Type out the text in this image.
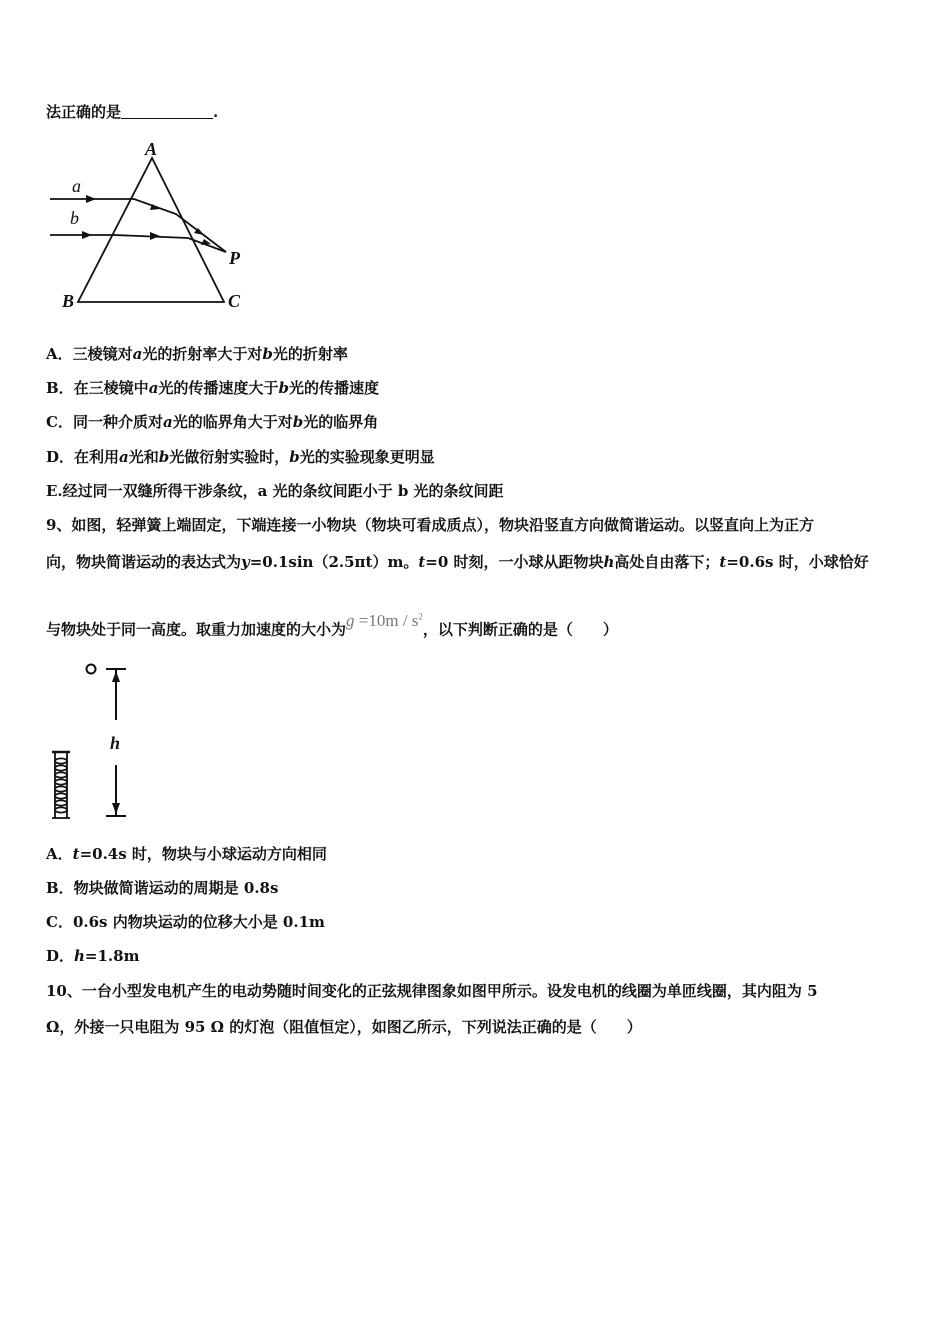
法正确的是	.
A
B	C
P
a
b
A．三棱镜对a光的折射率大于对b光的折射率
B．在三棱镜中a光的传播速度大于b光的传播速度
C．同一种介质对a光的临界角大于对b光的临界角
D．在利用a光和b光做衍射实验时，b光的实验现象更明显
E.经过同一双缝所得干涉条纹，a 光的条纹间距小于 b 光的条纹间距
9、如图，轻弹簧上端固定，下端连接一小物块（物块可看成质点），物块沿竖直方向做简谐运动。以竖直向上为正方
向，物块简谐运动的表达式为y=0.1sin（2.5πt）m。t=0 时刻，一小球从距物块h高处自由落下；t=0.6s 时，小球恰好
与物块处于同一高度。取重力加速度的大小为$g =10m / s^2$，以下判断正确的是（　　）
h
A．t=0.4s 时，物块与小球运动方向相同
B．物块做简谐运动的周期是 0.8s
C．0.6s 内物块运动的位移大小是 0.1m
D．h=1.8m
10、一台小型发电机产生的电动势随时间变化的正弦规律图象如图甲所示。设发电机的线圈为单匝线圈，其内阻为 5
Ω，外接一只电阻为 95 Ω 的灯泡（阻值恒定），如图乙所示，下列说法正确的是（　　）
